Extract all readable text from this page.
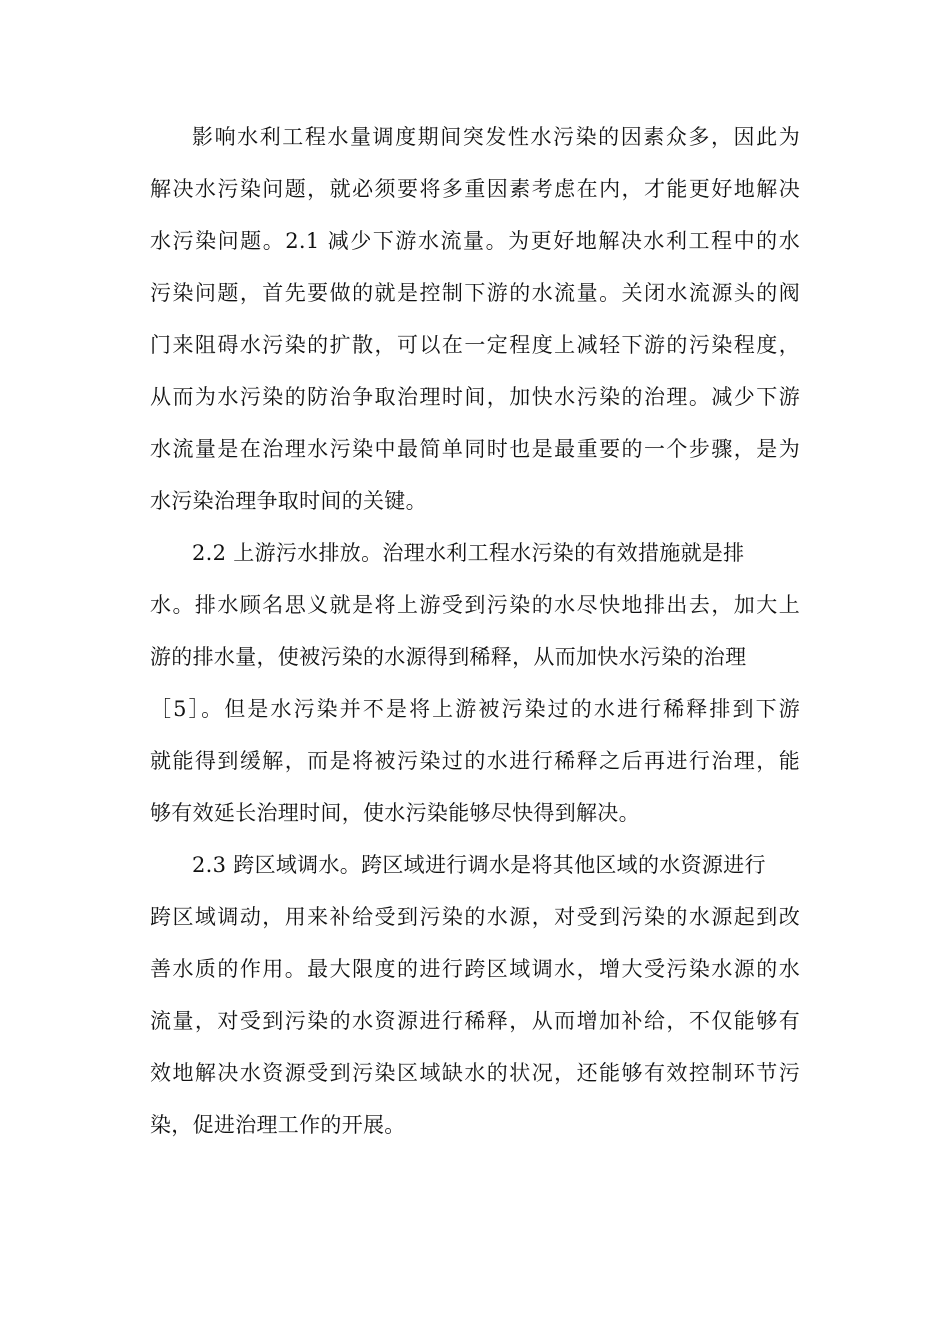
影响水利工程水量调度期间突发性水污染的因素众多，因此为
解决水污染问题，就必须要将多重因素考虑在内，才能更好地解决
水污染问题。2.1 减少下游水流量。为更好地解决水利工程中的水
污染问题，首先要做的就是控制下游的水流量。关闭水流源头的阀
门来阻碍水污染的扩散，可以在一定程度上减轻下游的污染程度，
从而为水污染的防治争取治理时间，加快水污染的治理。减少下游
水流量是在治理水污染中最简单同时也是最重要的一个步骤，是为
水污染治理争取时间的关键。
2.2 上游污水排放。治理水利工程水污染的有效措施就是排
水。排水顾名思义就是将上游受到污染的水尽快地排出去，加大上
游的排水量，使被污染的水源得到稀释，从而加快水污染的治理
［5］。但是水污染并不是将上游被污染过的水进行稀释排到下游
就能得到缓解，而是将被污染过的水进行稀释之后再进行治理，能
够有效延长治理时间，使水污染能够尽快得到解决。
2.3 跨区域调水。跨区域进行调水是将其他区域的水资源进行
跨区域调动，用来补给受到污染的水源，对受到污染的水源起到改
善水质的作用。最大限度的进行跨区域调水，增大受污染水源的水
流量，对受到污染的水资源进行稀释，从而增加补给，不仅能够有
效地解决水资源受到污染区域缺水的状况，还能够有效控制环节污
染，促进治理工作的开展。
